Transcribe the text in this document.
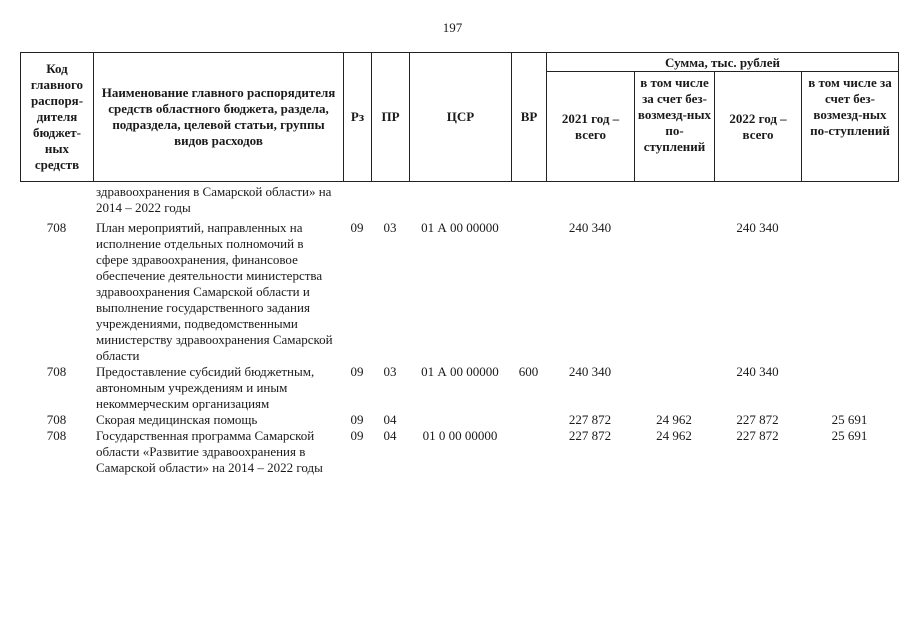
197
Код главного распоря-дителя бюджет-ных средств	Наименование главного распорядителя средств областного бюджета, раздела, подраздела, целевой статьи, группы видов расходов	Рз	ПР	ЦСР	ВР	Сумма, тыс. рублей			
						2021 год – всего	в том числе за счет без-возмезд-ных по-ступлений	2022 год – всего	в том числе за счет без-возмезд-ных по-ступлений
	здравоохранения в Самарской области» на 2014 – 2022 годы								
708	План мероприятий, направленных на исполнение отдельных полномочий в сфере здравоохранения, финансовое обеспечение деятельности министерства здравоохранения Самарской области и выполнение государственного задания учреждениями, подведомственными министерству здравоохранения Самарской области	09	03	01 А 00 00000		240 340		240 340	
708	Предоставление субсидий бюджетным, автономным учреждениям и иным некоммерческим организациям	09	03	01 А 00 00000	600	240 340		240 340	
708	Скорая медицинская помощь	09	04			227 872	24 962	227 872	25 691
708	Государственная программа Самарской области «Развитие здравоохранения в Самарской области» на 2014 – 2022 годы	09	04	01 0 00 00000		227 872	24 962	227 872	25 691
